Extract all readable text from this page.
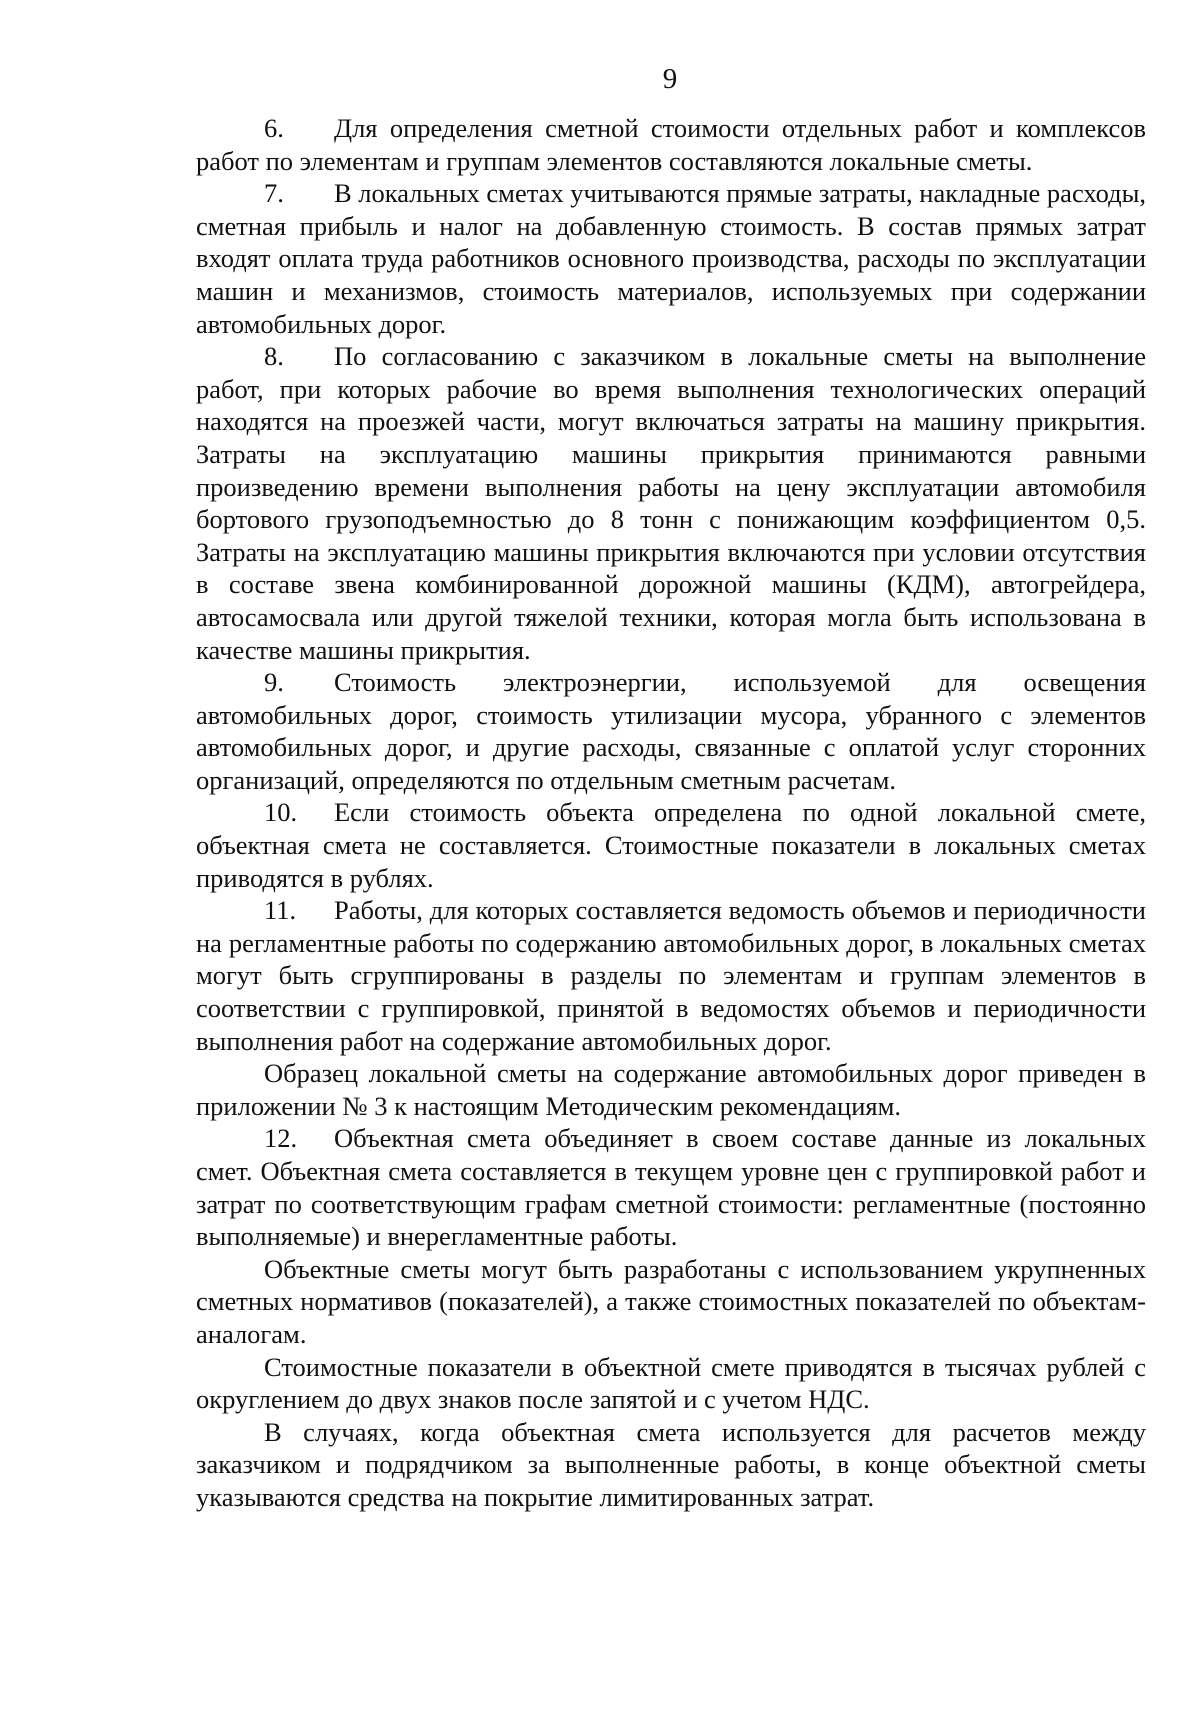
9

6. Для определения сметной стоимости отдельных работ и комплексов работ по элементам и группам элементов составляются локальные сметы.

7. В локальных сметах учитываются прямые затраты, накладные расходы, сметная прибыль и налог на добавленную стоимость. В состав прямых затрат входят оплата труда работников основного производства, расходы по эксплуатации машин и механизмов, стоимость материалов, используемых при содержании автомобильных дорог.

8. По согласованию с заказчиком в локальные сметы на выполнение работ, при которых рабочие во время выполнения технологических операций находятся на проезжей части, могут включаться затраты на машину прикрытия. Затраты на эксплуатацию машины прикрытия принимаются равными произведению времени выполнения работы на цену эксплуатации автомобиля бортового грузоподъемностью до 8 тонн с понижающим коэффициентом 0,5. Затраты на эксплуатацию машины прикрытия включаются при условии отсутствия в составе звена комбинированной дорожной машины (КДМ), автогрейдера, автосамосвала или другой тяжелой техники, которая могла быть использована в качестве машины прикрытия.

9. Стоимость электроэнергии, используемой для освещения автомобильных дорог, стоимость утилизации мусора, убранного с элементов автомобильных дорог, и другие расходы, связанные с оплатой услуг сторонних организаций, определяются по отдельным сметным расчетам.

10. Если стоимость объекта определена по одной локальной смете, объектная смета не составляется. Стоимостные показатели в локальных сметах приводятся в рублях.

11. Работы, для которых составляется ведомость объемов и периодичности на регламентные работы по содержанию автомобильных дорог, в локальных сметах могут быть сгруппированы в разделы по элементам и группам элементов в соответствии с группировкой, принятой в ведомостях объемов и периодичности выполнения работ на содержание автомобильных дорог.

Образец локальной сметы на содержание автомобильных дорог приведен в приложении № 3 к настоящим Методическим рекомендациям.

12. Объектная смета объединяет в своем составе данные из локальных смет. Объектная смета составляется в текущем уровне цен с группировкой работ и затрат по соответствующим графам сметной стоимости: регламентные (постоянно выполняемые) и внерегламентные работы.

Объектные сметы могут быть разработаны с использованием укрупненных сметных нормативов (показателей), а также стоимостных показателей по объектам-аналогам.

Стоимостные показатели в объектной смете приводятся в тысячах рублей с округлением до двух знаков после запятой и с учетом НДС.

В случаях, когда объектная смета используется для расчетов между заказчиком и подрядчиком за выполненные работы, в конце объектной сметы указываются средства на покрытие лимитированных затрат.
